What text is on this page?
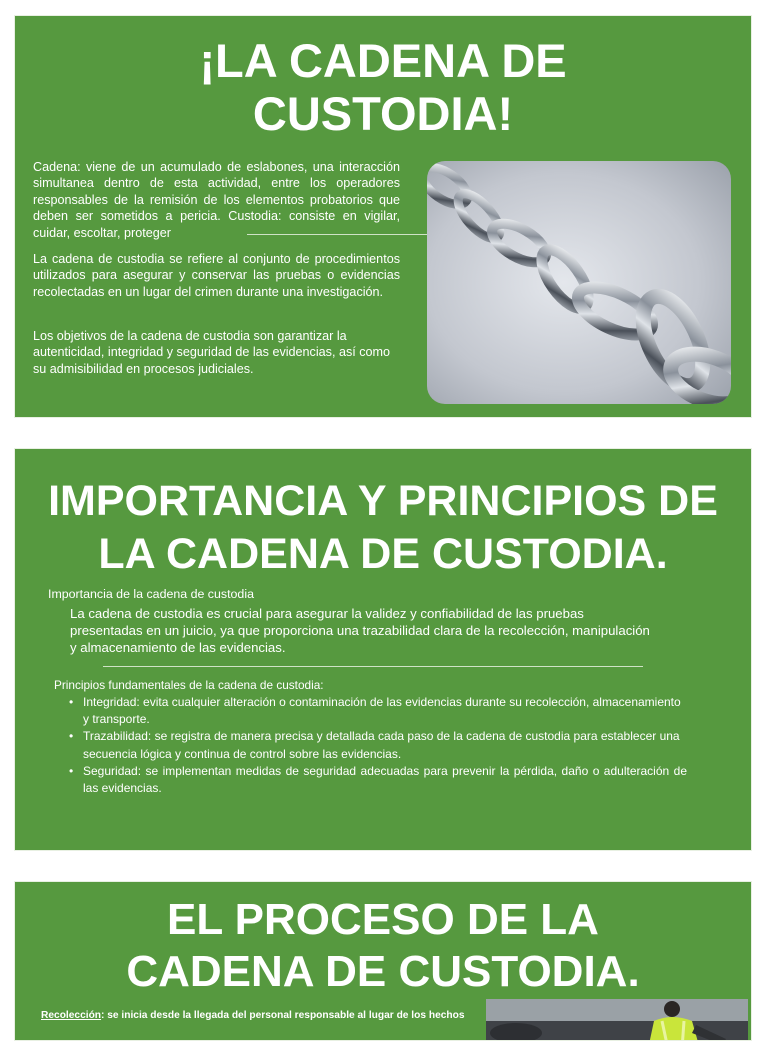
¡LA CADENA DE
CUSTODIA!

Cadena: viene de un acumulado de eslabones, una interacción simultanea dentro de esta actividad, entre los operadores responsables de la remisión de los elementos probatorios que deben ser sometidos a pericia. Custodia: consiste en vigilar, cuidar, escoltar, proteger

La cadena de custodia se refiere al conjunto de procedimientos utilizados para asegurar y conservar las pruebas o evidencias recolectadas en un lugar del crimen durante una investigación.

Los objetivos de la cadena de custodia son garantizar la autenticidad, integridad y seguridad de las evidencias, así como su admisibilidad en procesos judiciales.

IMPORTANCIA Y PRINCIPIOS DE
LA CADENA DE CUSTODIA.

Importancia de la cadena de custodia

La cadena de custodia es crucial para asegurar la validez y confiabilidad de las pruebas presentadas en un juicio, ya que proporciona una trazabilidad clara de la recolección, manipulación y almacenamiento de las evidencias.

Principios fundamentales de la cadena de custodia:

• Integridad: evita cualquier alteración o contaminación de las evidencias durante su recolección, almacenamiento y transporte.
• Trazabilidad: se registra de manera precisa y detallada cada paso de la cadena de custodia para establecer una secuencia lógica y continua de control sobre las evidencias.
• Seguridad: se implementan medidas de seguridad adecuadas para prevenir la pérdida, daño o adulteración de las evidencias.
EL PROCESO DE LA
CADENA DE CUSTODIA.

Recolección: se inicia desde la llegada del personal responsable al lugar de los hechos
